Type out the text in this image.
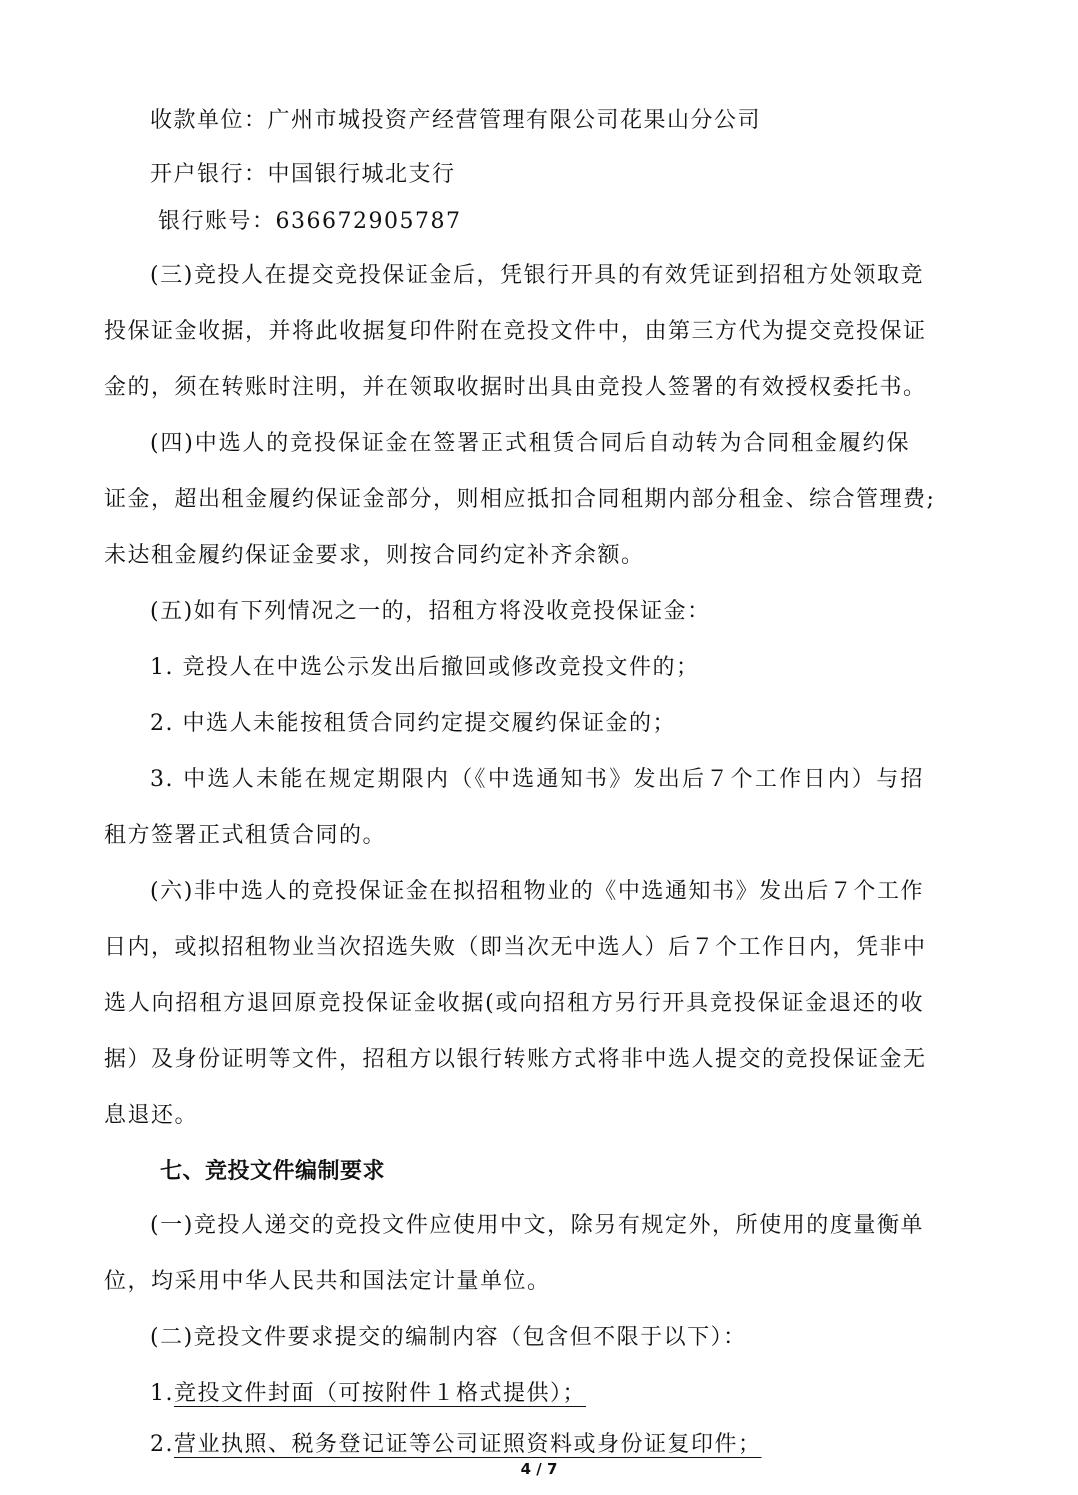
收款单位：广州市城投资产经营管理有限公司花果山分公司
开户银行：中国银行城北支行
银行账号：636672905787
(三)竞投人在提交竞投保证金后，凭银行开具的有效凭证到招租方处领取竞
投保证金收据，并将此收据复印件附在竞投文件中，由第三方代为提交竞投保证
金的，须在转账时注明，并在领取收据时出具由竞投人签署的有效授权委托书。
(四)中选人的竞投保证金在签署正式租赁合同后自动转为合同租金履约保
证金，超出租金履约保证金部分，则相应抵扣合同租期内部分租金、综合管理费;
未达租金履约保证金要求，则按合同约定补齐余额。
(五)如有下列情况之一的，招租方将没收竞投保证金：
1. 竞投人在中选公示发出后撤回或修改竞投文件的；
2. 中选人未能按租赁合同约定提交履约保证金的；
3. 中选人未能在规定期限内（《中选通知书》发出后７个工作日内）与招
租方签署正式租赁合同的。
(六)非中选人的竞投保证金在拟招租物业的《中选通知书》发出后７个工作
日内，或拟招租物业当次招选失败（即当次无中选人）后７个工作日内，凭非中
选人向招租方退回原竞投保证金收据(或向招租方另行开具竞投保证金退还的收
据）及身份证明等文件，招租方以银行转账方式将非中选人提交的竞投保证金无
息退还。
七、竞投文件编制要求
(一)竞投人递交的竞投文件应使用中文，除另有规定外，所使用的度量衡单
位，均采用中华人民共和国法定计量单位。
(二)竞投文件要求提交的编制内容（包含但不限于以下）：
1.竞投文件封面（可按附件１格式提供）；
2.营业执照、税务登记证等公司证照资料或身份证复印件；
4 / 7
